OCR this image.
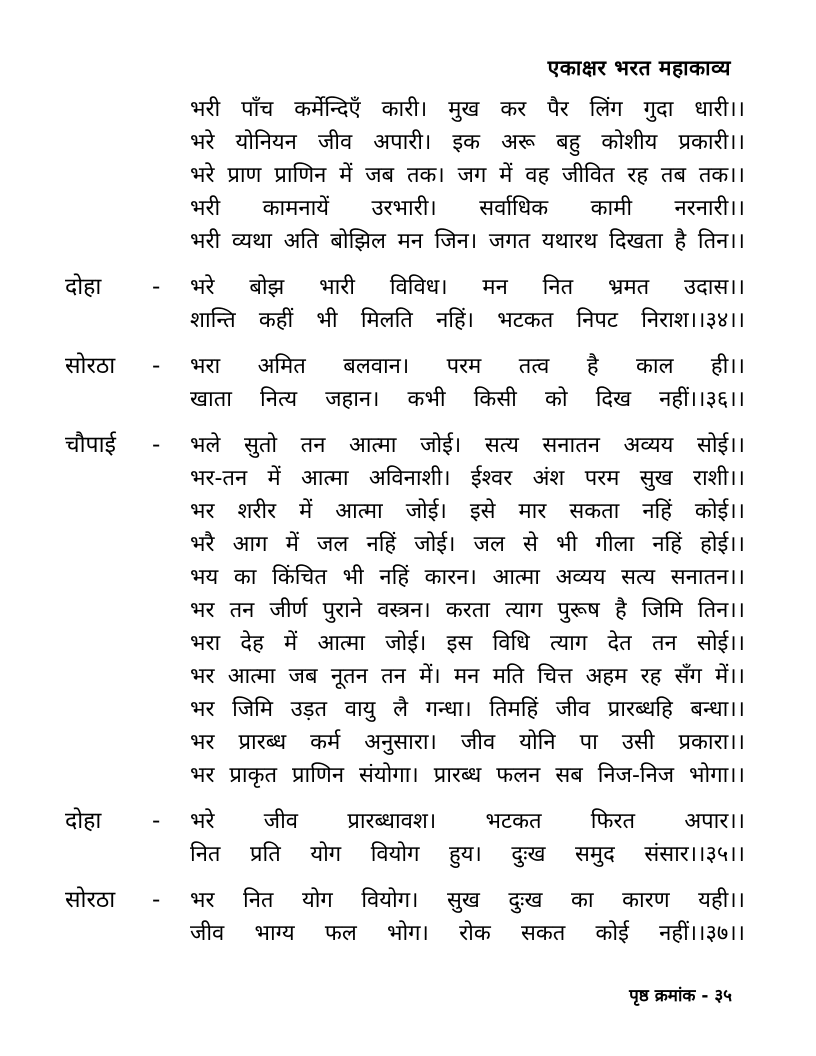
एकाक्षर भरत महाकाव्य
भरी पाँच कर्मेन्दिएँ कारी। मुख कर पैर लिंग गुदा धारी।।
भरे योनियन जीव अपारी। इक अरू बहु कोशीय प्रकारी।।
भरे प्राण प्राणिन में जब तक। जग में वह जीवित रह तब तक।।
भरी कामनायें उरभारी। सर्वाधिक कामी नरनारी।।
भरी व्यथा अति बोझिल मन जिन। जगत यथारथ दिखता है तिन।।
दोहा	-	भरे बोझ भारी विविध। मन नित भ्रमत उदास।।
शान्ति कहीं भी मिलति नहिं। भटकत निपट निराश।।३४।।
सोरठा	-	भरा अमित बलवान। परम तत्व है काल ही।।
खाता नित्य जहान। कभी किसी को दिख नहीं।।३६।।
चौपाई	-	भले सुतो तन आत्मा जोई। सत्य सनातन अव्यय सोई।।
भर-तन में आत्मा अविनाशी। ईश्वर अंश परम सुख राशी।।
भर शरीर में आत्मा जोई। इसे मार सकता नहिं कोई।।
भरै आग में जल नहिं जोई। जल से भी गीला नहिं होई।।
भय का किंचित भी नहिं कारन। आत्मा अव्यय सत्य सनातन।।
भर तन जीर्ण पुराने वस्त्रन। करता त्याग पुरूष है जिमि तिन।।
भरा देह में आत्मा जोई। इस विधि त्याग देत तन सोई।।
भर आत्मा जब नूतन तन में। मन मति चित्त अहम रह सँग में।।
भर जिमि उड़त वायु लै गन्धा। तिमहिं जीव प्रारब्धहि बन्धा।।
भर प्रारब्ध कर्म अनुसारा। जीव योनि पा उसी प्रकारा।।
भर प्राकृत प्राणिन संयोगा। प्रारब्ध फलन सब निज-निज भोगा।।
दोहा	-	भरे जीव प्रारब्धावश। भटकत फिरत अपार।।
नित प्रति योग वियोग हुय। दुःख समुद संसार।।३५।।
सोरठा	-	भर नित योग वियोग। सुख दुःख का कारण यही।।
जीव भाग्य फल भोग। रोक सकत कोई नहीं।।३७।।
पृष्ठ क्रमांक - ३५
